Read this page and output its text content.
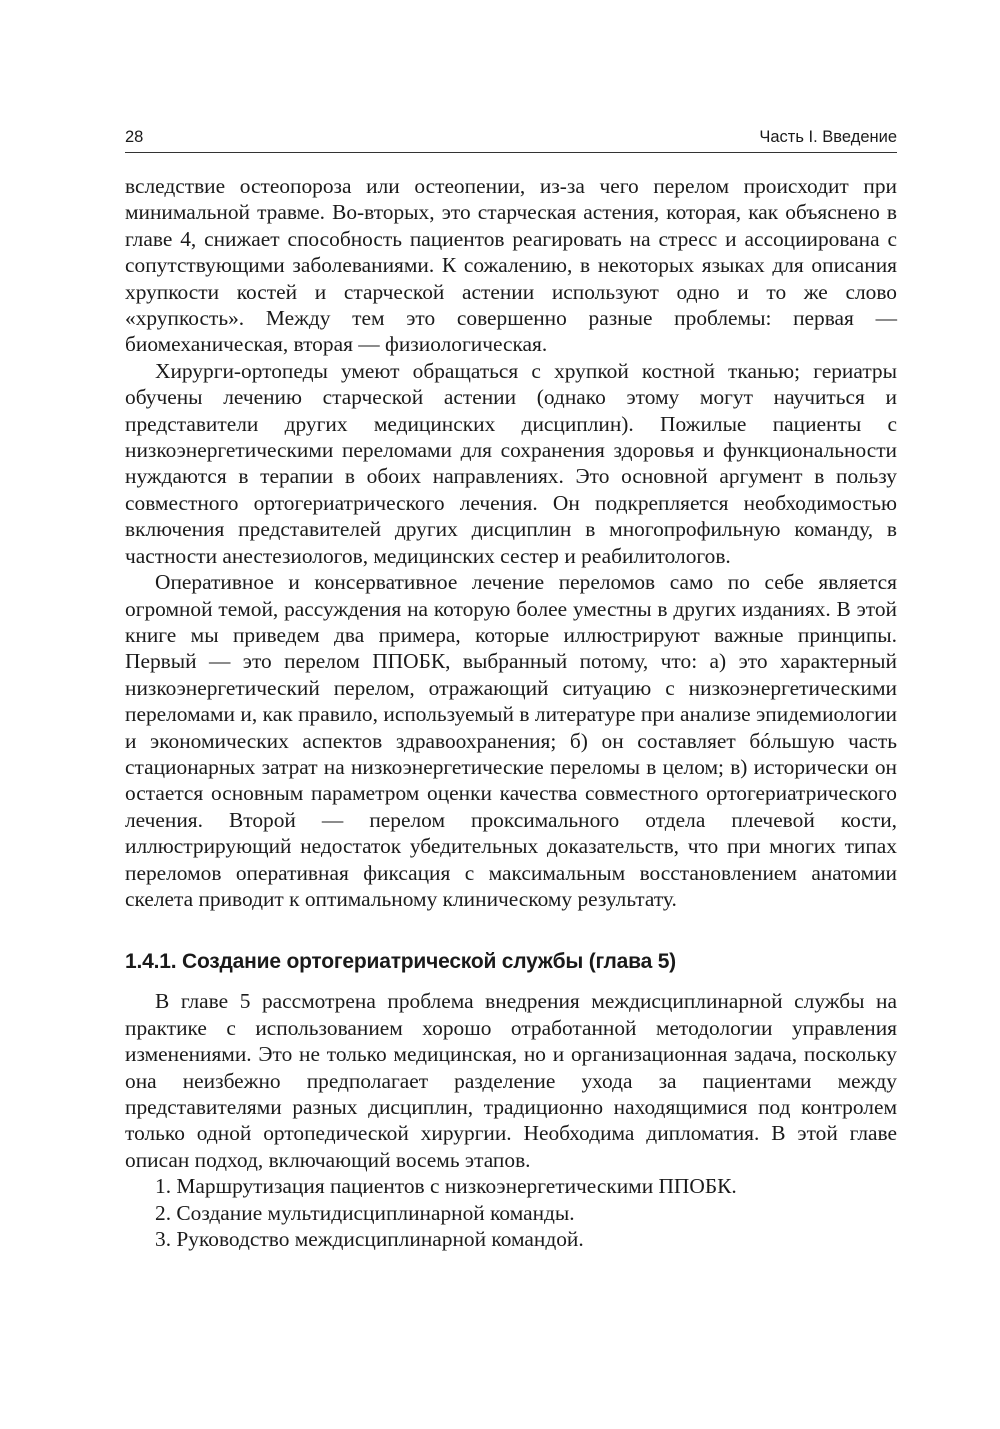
28	Часть I. Введение

вследствие остеопороза или остеопении, из-за чего перелом происходит при минимальной травме. Во-вторых, это старческая астения, которая, как объяснено в главе 4, снижает способность пациентов реагировать на стресс и ассоциирована с сопутствующими заболеваниями. К сожалению, в некоторых языках для описания хрупкости костей и старческой астении используют одно и то же слово «хрупкость». Между тем это совершенно разные проблемы: первая — биомеханическая, вторая — физиологическая.

Хирурги-ортопеды умеют обращаться с хрупкой костной тканью; гериатры обучены лечению старческой астении (однако этому могут научиться и представители других медицинских дисциплин). Пожилые пациенты с низкоэнергетическими переломами для сохранения здоровья и функциональности нуждаются в терапии в обоих направлениях. Это основной аргумент в пользу совместного ортогериатрического лечения. Он подкрепляется необходимостью включения представителей других дисциплин в многопрофильную команду, в частности анестезиологов, медицинских сестер и реабилитологов.

Оперативное и консервативное лечение переломов само по себе является огромной темой, рассуждения на которую более уместны в других изданиях. В этой книге мы приведем два примера, которые иллюстрируют важные принципы. Первый — это перелом ППОБК, выбранный потому, что: а) это характерный низкоэнергетический перелом, отражающий ситуацию с низкоэнергетическими переломами и, как правило, используемый в литературе при анализе эпидемиологии и экономических аспектов здравоохранения; б) он составляет бóльшую часть стационарных затрат на низкоэнергетические переломы в целом; в) исторически он остается основным параметром оценки качества совместного ортогериатрического лечения. Второй — перелом проксимального отдела плечевой кости, иллюстрирующий недостаток убедительных доказательств, что при многих типах переломов оперативная фиксация с максимальным восстановлением анатомии скелета приводит к оптимальному клиническому результату.

1.4.1. Создание ортогериатрической службы (глава 5)

В главе 5 рассмотрена проблема внедрения междисциплинарной службы на практике с использованием хорошо отработанной методологии управления изменениями. Это не только медицинская, но и организационная задача, поскольку она неизбежно предполагает разделение ухода за пациентами между представителями разных дисциплин, традиционно находящимися под контролем только одной ортопедической хирургии. Необходима дипломатия. В этой главе описан подход, включающий восемь этапов.

1. Маршрутизация пациентов с низкоэнергетическими ППОБК.
2. Создание мультидисциплинарной команды.
3. Руководство междисциплинарной командой.
